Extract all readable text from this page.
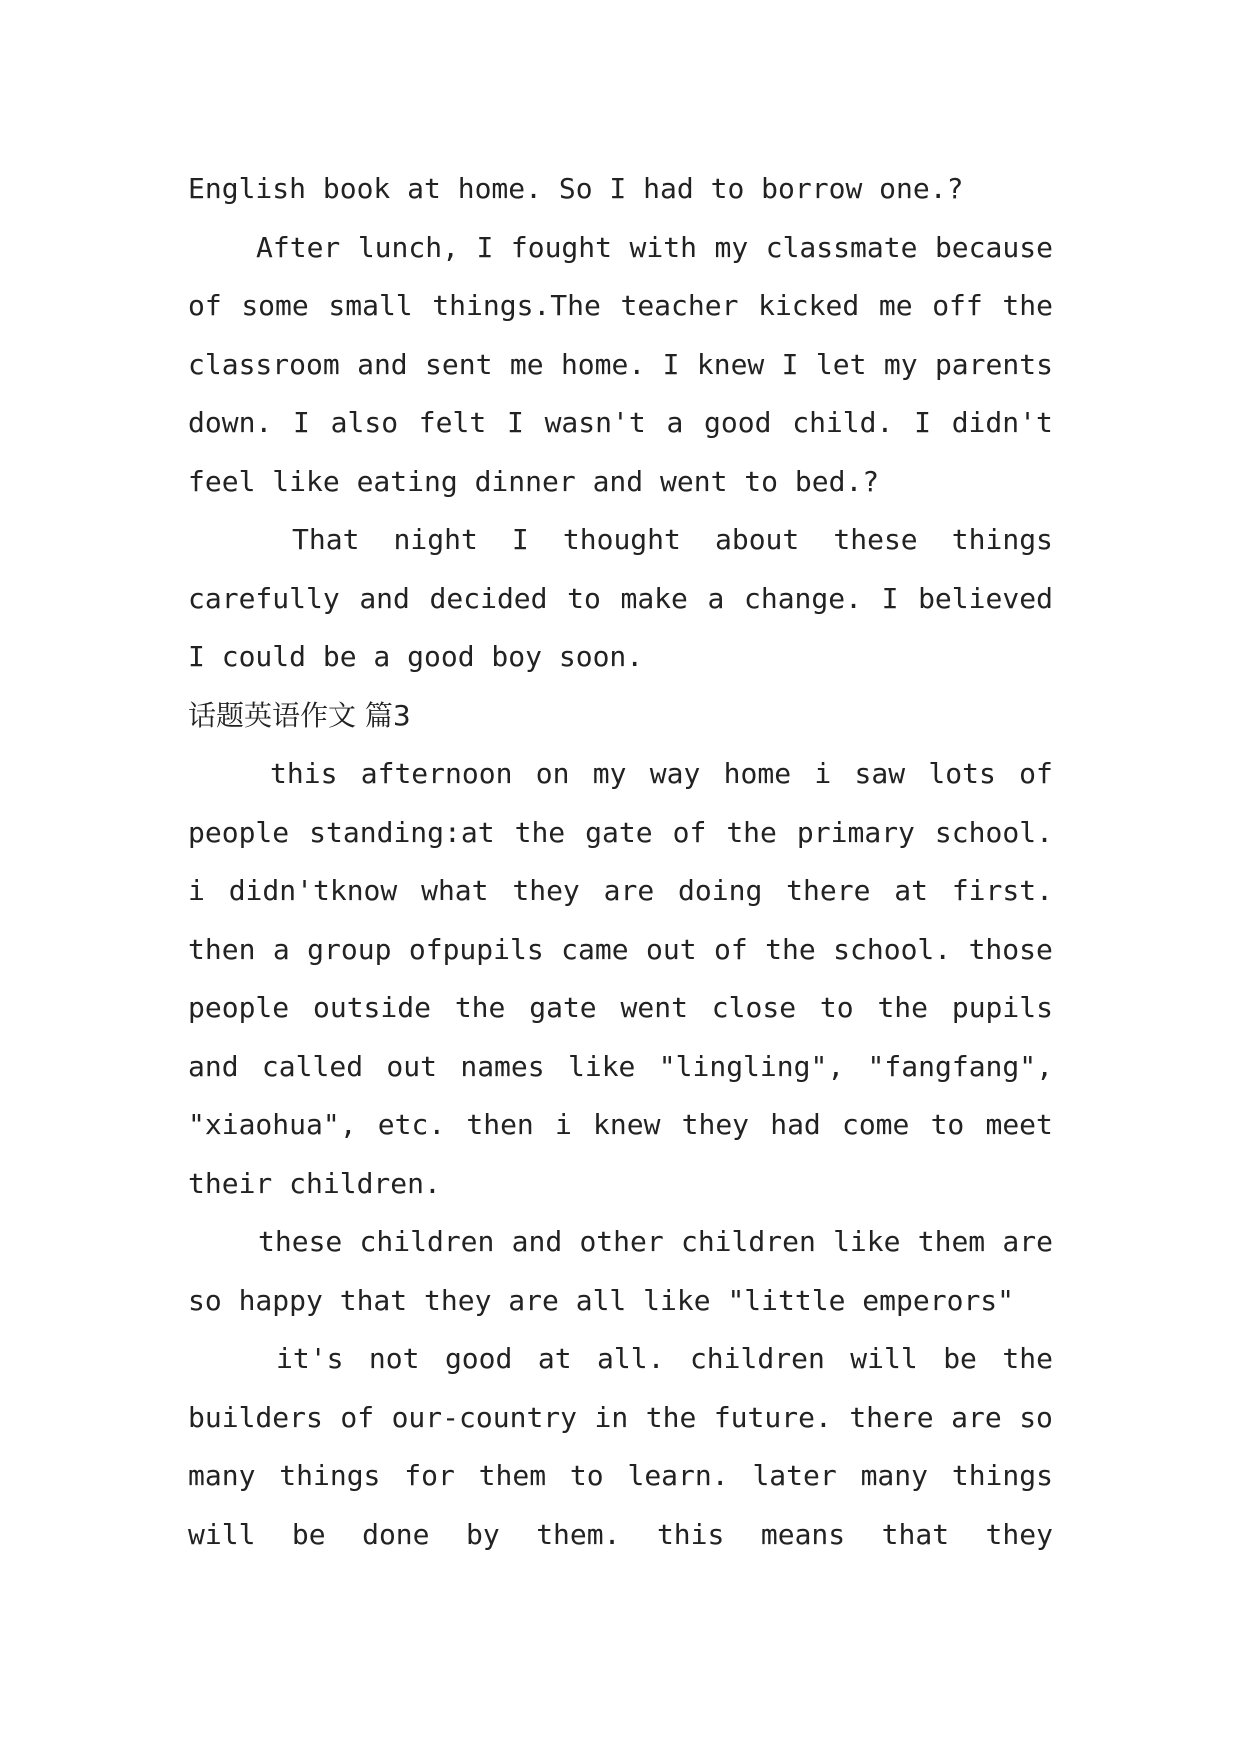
English book at home. So I had to borrow one.?
After lunch, I fought with my classmate because
of some small things.The teacher kicked me off the
classroom and sent me home. I knew I let my parents
down. I also felt I wasn't a good child. I didn't
feel like eating dinner and went to bed.?
That night I thought about these things
carefully and decided to make a change. I believed
I could be a good boy soon.
话题英语作文 篇3
this afternoon on my way home i saw lots of
people standing:at the gate of the primary school.
i didn'tknow what they are doing there at first.
then a group ofpupils came out of the school. those
people outside the gate went close to the pupils
and called out names like "lingling", "fangfang",
"xiaohua", etc. then i knew they had come to meet
their children.
these children and other children like them are
so happy that they are all like "little emperors"
it's not good at all. children will be the
builders of our-country in the future. there are so
many things for them to learn. later many things
will be done by them. this means that they
